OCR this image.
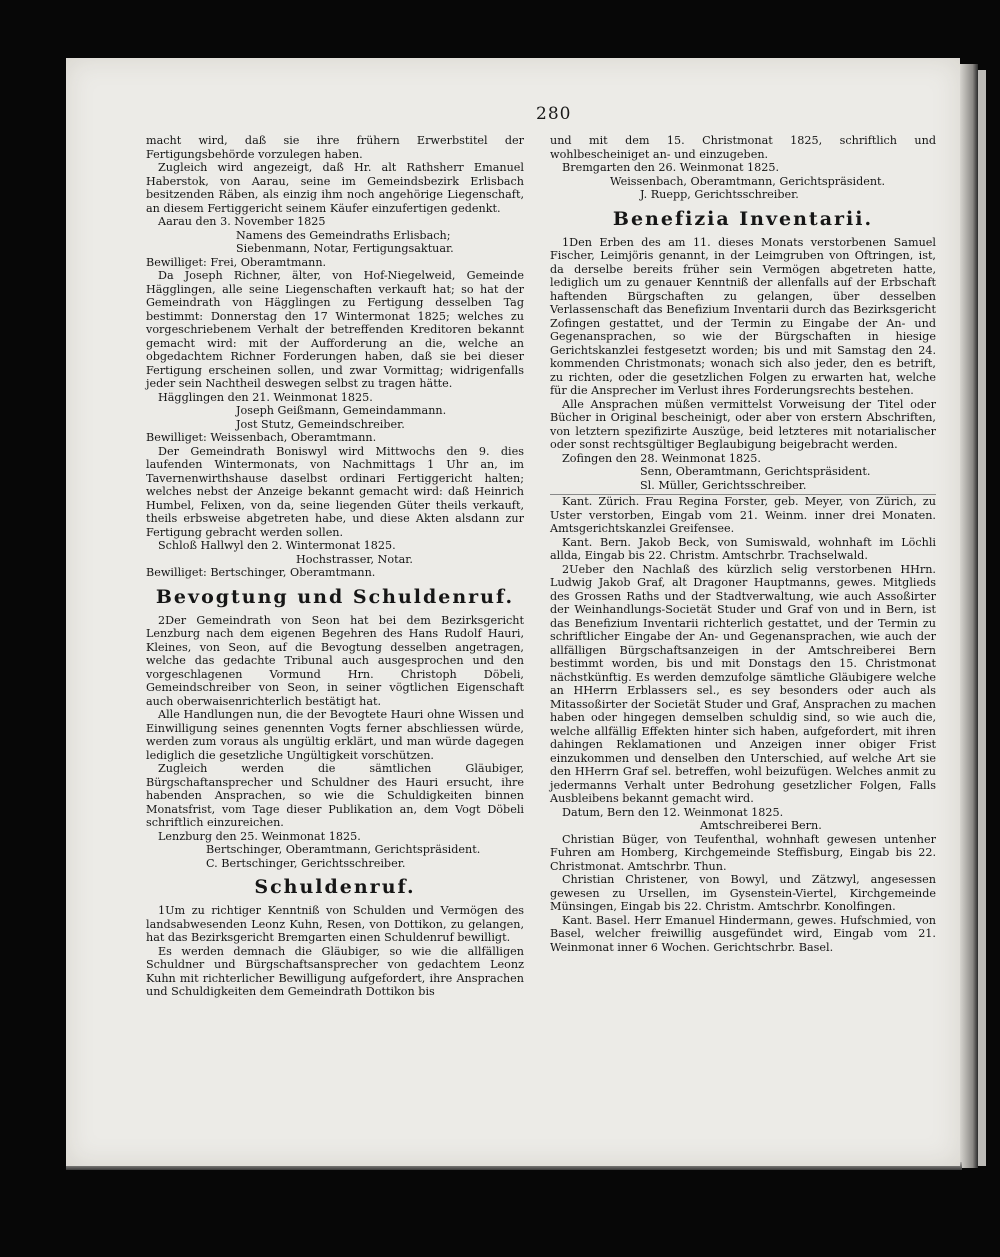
280

macht wird, daß sie ihre frühern Erwerbstitel der Fertigungsbehörde vorzulegen haben.

Zugleich wird angezeigt, daß Hr. alt Rathsherr Emanuel Haberstok, von Aarau, seine im Gemeindsbezirk Erlisbach besitzenden Räben, als einzig ihm noch angehörige Liegenschaft, an diesem Fertiggericht seinem Käufer einzufertigen gedenkt.

Aarau den 3. November 1825

Namens des Gemeindraths Erlisbach;

Siebenmann, Notar, Fertigungsaktuar.

Bewilliget: Frei, Oberamtmann.

Da Joseph Richner, älter, von Hof-Niegelweid, Gemeinde Hägglingen, alle seine Liegenschaften verkauft hat; so hat der Gemeindrath von Hägglingen zu Fertigung desselben Tag bestimmt: Donnerstag den 17 Wintermonat 1825; welches zu vorgeschriebenem Verhalt der betreffenden Kreditoren bekannt gemacht wird: mit der Aufforderung an die, welche an obgedachtem Richner Forderungen haben, daß sie bei dieser Fertigung erscheinen sollen, und zwar Vormittag; widrigenfalls jeder sein Nachtheil deswegen selbst zu tragen hätte.

Hägglingen den 21. Weinmonat 1825.

Joseph Geißmann, Gemeindammann.

Jost Stutz, Gemeindschreiber.

Bewilliget: Weissenbach, Oberamtmann.

Der Gemeindrath Boniswyl wird Mittwochs den 9. dies laufenden Wintermonats, von Nachmittags 1 Uhr an, im Tavernenwirthshause daselbst ordinari Fertiggericht halten; welches nebst der Anzeige bekannt gemacht wird: daß Heinrich Humbel, Felixen, von da, seine liegenden Güter theils verkauft, theils erbsweise abgetreten habe, und diese Akten alsdann zur Fertigung gebracht werden sollen.

Schloß Hallwyl den 2. Wintermonat 1825.

Hochstrasser, Notar.

Bewilliget: Bertschinger, Oberamtmann.

Bevogtung und Schuldenruf.

2Der Gemeindrath von Seon hat bei dem Bezirksgericht Lenzburg nach dem eigenen Begehren des Hans Rudolf Hauri, Kleines, von Seon, auf die Bevogtung desselben angetragen, welche das gedachte Tribunal auch ausgesprochen und den vorgeschlagenen Vormund Hrn. Christoph Döbeli, Gemeindschreiber von Seon, in seiner vögtlichen Eigenschaft auch oberwaisenrichterlich bestätigt hat.

Alle Handlungen nun, die der Bevogtete Hauri ohne Wissen und Einwilligung seines genennten Vogts ferner abschliessen würde, werden zum voraus als ungültig erklärt, und man würde dagegen lediglich die gesetzliche Ungültigkeit vorschützen.

Zugleich werden die sämtlichen Gläubiger, Bürgschaftansprecher und Schuldner des Hauri ersucht, ihre habenden Ansprachen, so wie die Schuldigkeiten binnen Monatsfrist, vom Tage dieser Publikation an, dem Vogt Döbeli schriftlich einzureichen.

Lenzburg den 25. Weinmonat 1825.

Bertschinger, Oberamtmann, Gerichtspräsident.

C. Bertschinger, Gerichtsschreiber.

Schuldenruf.

1Um zu richtiger Kenntniß von Schulden und Vermögen des landsabwesenden Leonz Kuhn, Resen, von Dottikon, zu gelangen, hat das Bezirksgericht Bremgarten einen Schuldenruf bewilligt.

Es werden demnach die Gläubiger, so wie die allfälligen Schuldner und Bürgschaftsansprecher von gedachtem Leonz Kuhn mit richterlicher Bewilligung aufgefordert, ihre Ansprachen und Schuldigkeiten dem Gemeindrath Dottikon bis

und mit dem 15. Christmonat 1825, schriftlich und wohlbescheiniget an- und einzugeben.

Bremgarten den 26. Weinmonat 1825.

Weissenbach, Oberamtmann, Gerichtspräsident.

J. Ruepp, Gerichtsschreiber.

Benefizia Inventarii.

1Den Erben des am 11. dieses Monats verstorbenen Samuel Fischer, Leimjöris genannt, in der Leimgruben von Oftringen, ist, da derselbe bereits früher sein Vermögen abgetreten hatte, lediglich um zu genauer Kenntniß der allenfalls auf der Erbschaft haftenden Bürgschaften zu gelangen, über desselben Verlassenschaft das Benefizium Inventarii durch das Bezirksgericht Zofingen gestattet, und der Termin zu Eingabe der An- und Gegenansprachen, so wie der Bürgschaften in hiesige Gerichtskanzlei festgesetzt worden; bis und mit Samstag den 24. kommenden Christmonats; wonach sich also jeder, den es betrift, zu richten, oder die gesetzlichen Folgen zu erwarten hat, welche für die Ansprecher im Verlust ihres Forderungsrechts bestehen.

Alle Ansprachen müßen vermittelst Vorweisung der Titel oder Bücher in Original bescheinigt, oder aber von erstern Abschriften, von letztern spezifizirte Auszüge, beid letzteres mit notarialischer oder sonst rechtsgültiger Beglaubigung beigebracht werden.

Zofingen den 28. Weinmonat 1825.

Senn, Oberamtmann, Gerichtspräsident.

Sl. Müller, Gerichtsschreiber.

Kant. Zürich. Frau Regina Forster, geb. Meyer, von Zürich, zu Uster verstorben, Eingab vom 21. Weinm. inner drei Monaten. Amtsgerichtskanzlei Greifensee.

Kant. Bern. Jakob Beck, von Sumiswald, wohnhaft im Löchli allda, Eingab bis 22. Christm. Amtschrbr. Trachselwald.

2Ueber den Nachlaß des kürzlich selig verstorbenen HHrn. Ludwig Jakob Graf, alt Dragoner Hauptmanns, gewes. Mitglieds des Grossen Raths und der Stadtverwaltung, wie auch Assoßirter der Weinhandlungs-Societät Studer und Graf von und in Bern, ist das Benefizium Inventarii richterlich gestattet, und der Termin zu schriftlicher Eingabe der An- und Gegenansprachen, wie auch der allfälligen Bürgschaftsanzeigen in der Amtschreiberei Bern bestimmt worden, bis und mit Donstags den 15. Christmonat nächstkünftig. Es werden demzufolge sämtliche Gläubigere welche an HHerrn Erblassers sel., es sey besonders oder auch als Mitassoßirter der Societät Studer und Graf, Ansprachen zu machen haben oder hingegen demselben schuldig sind, so wie auch die, welche allfällig Effekten hinter sich haben, aufgefordert, mit ihren dahingen Reklamationen und Anzeigen inner obiger Frist einzukommen und denselben den Unterschied, auf welche Art sie den HHerrn Graf sel. betreffen, wohl beizufügen. Welches anmit zu jedermanns Verhalt unter Bedrohung gesetzlicher Folgen, Falls Ausbleibens bekannt gemacht wird.

Datum, Bern den 12. Weinmonat 1825.

Amtschreiberei Bern.

Christian Büger, von Teufenthal, wohnhaft gewesen untenher Fuhren am Homberg, Kirchgemeinde Steffisburg, Eingab bis 22. Christmonat. Amtschrbr. Thun.

Christian Christener, von Bowyl, und Zätzwyl, angesessen gewesen zu Ursellen, im Gysenstein-Viertel, Kirchgemeinde Münsingen, Eingab bis 22. Christm. Amtschrbr. Konolfingen.

Kant. Basel. Herr Emanuel Hindermann, gewes. Hufschmied, von Basel, welcher freiwillig ausgefündet wird, Eingab vom 21. Weinmonat inner 6 Wochen. Gerichtschrbr. Basel.
